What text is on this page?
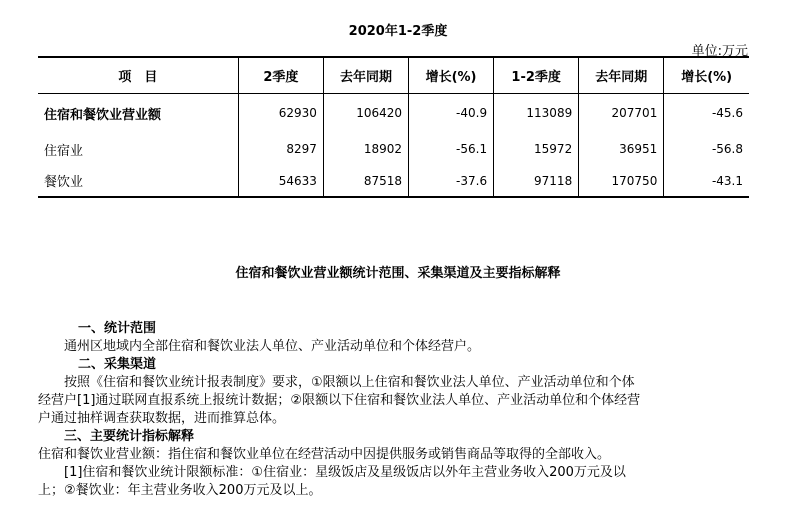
2020年1-2季度
单位:万元
项　目	2季度	去年同期	增长(%)	1-2季度	去年同期	增长(%)
住宿和餐饮业营业额	62930	106420	-40.9	113089	207701	-45.6
住宿业	8297	18902	-56.1	15972	36951	-56.8
餐饮业	54633	87518	-37.6	97118	170750	-43.1
住宿和餐饮业营业额统计范围、采集渠道及主要指标解释
一、统计范围
通州区地域内全部住宿和餐饮业法人单位、产业活动单位和个体经营户。
二、采集渠道
按照《住宿和餐饮业统计报表制度》要求，①限额以上住宿和餐饮业法人单位、产业活动单位和个体
经营户[1]通过联网直报系统上报统计数据；②限额以下住宿和餐饮业法人单位、产业活动单位和个体经营
户通过抽样调查获取数据，进而推算总体。
三、主要统计指标解释
住宿和餐饮业营业额：指住宿和餐饮业单位在经营活动中因提供服务或销售商品等取得的全部收入。
[1]住宿和餐饮业统计限额标准：①住宿业：星级饭店及星级饭店以外年主营业务收入200万元及以
上；②餐饮业：年主营业务收入200万元及以上。
